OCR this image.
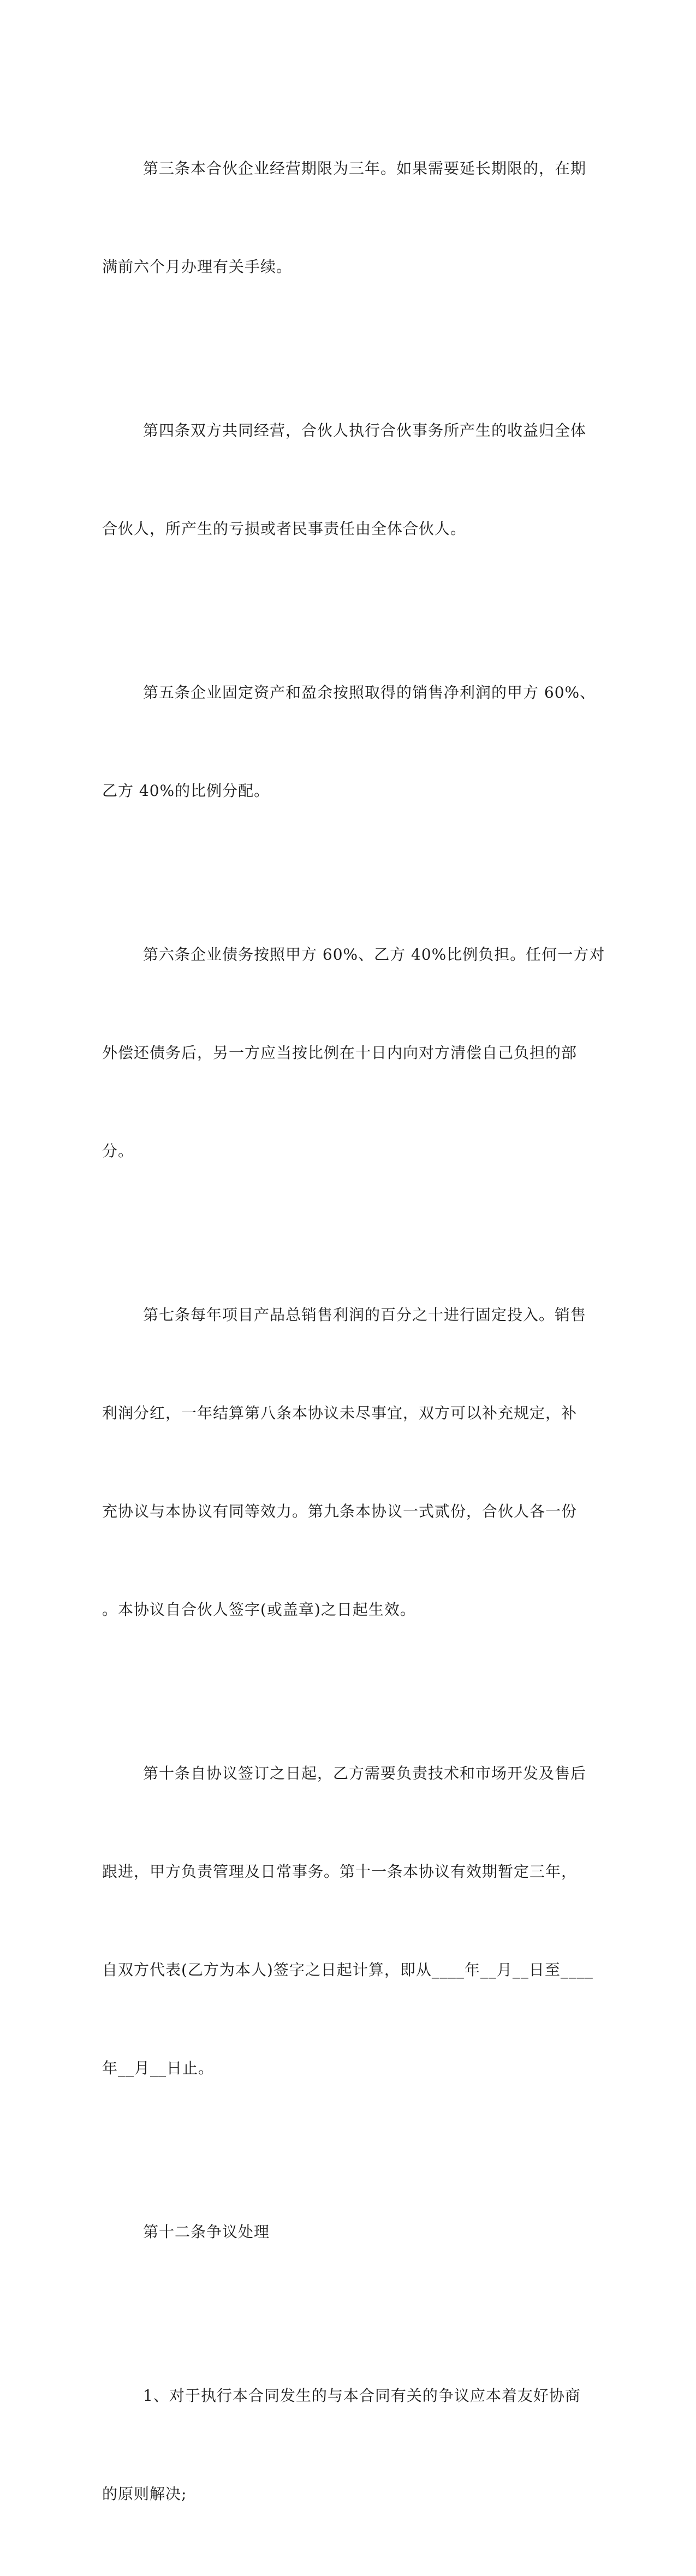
第三条本合伙企业经营期限为三年。如果需要延长期限的，在期

满前六个月办理有关手续。

第四条双方共同经营，合伙人执行合伙事务所产生的收益归全体

合伙人，所产生的亏损或者民事责任由全体合伙人。

第五条企业固定资产和盈余按照取得的销售净利润的甲方 60%、

乙方 40%的比例分配。

第六条企业债务按照甲方 60%、乙方 40%比例负担。任何一方对

外偿还债务后，另一方应当按比例在十日内向对方清偿自己负担的部

分。

第七条每年项目产品总销售利润的百分之十进行固定投入。销售

利润分红，一年结算第八条本协议未尽事宜，双方可以补充规定，补

充协议与本协议有同等效力。第九条本协议一式贰份，合伙人各一份

。本协议自合伙人签字(或盖章)之日起生效。

第十条自协议签订之日起，乙方需要负责技术和市场开发及售后

跟进，甲方负责管理及日常事务。第十一条本协议有效期暂定三年，

自双方代表(乙方为本人)签字之日起计算，即从____年__月__日至____

年__月__日止。

第十二条争议处理

1、对于执行本合同发生的与本合同有关的争议应本着友好协商

的原则解决;
